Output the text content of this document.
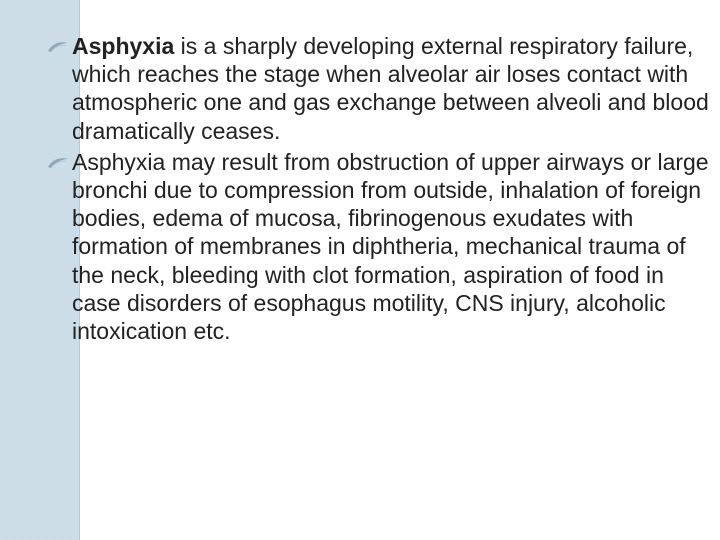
Asphyxia is a sharply developing external respiratory failure, which reaches the stage when alveolar air loses contact with atmospheric one and gas exchange between alveoli and blood dramatically ceases.
Asphyxia may result from obstruction of upper airways or large bronchi due to compression from outside, inhalation of foreign bodies, edema of mucosa, fibrinogenous exudates with formation of membranes in diphtheria, mechanical trauma of the neck, bleeding with clot formation, aspiration of food in case disorders of esophagus motility, CNS injury, alcoholic intoxication etc.
